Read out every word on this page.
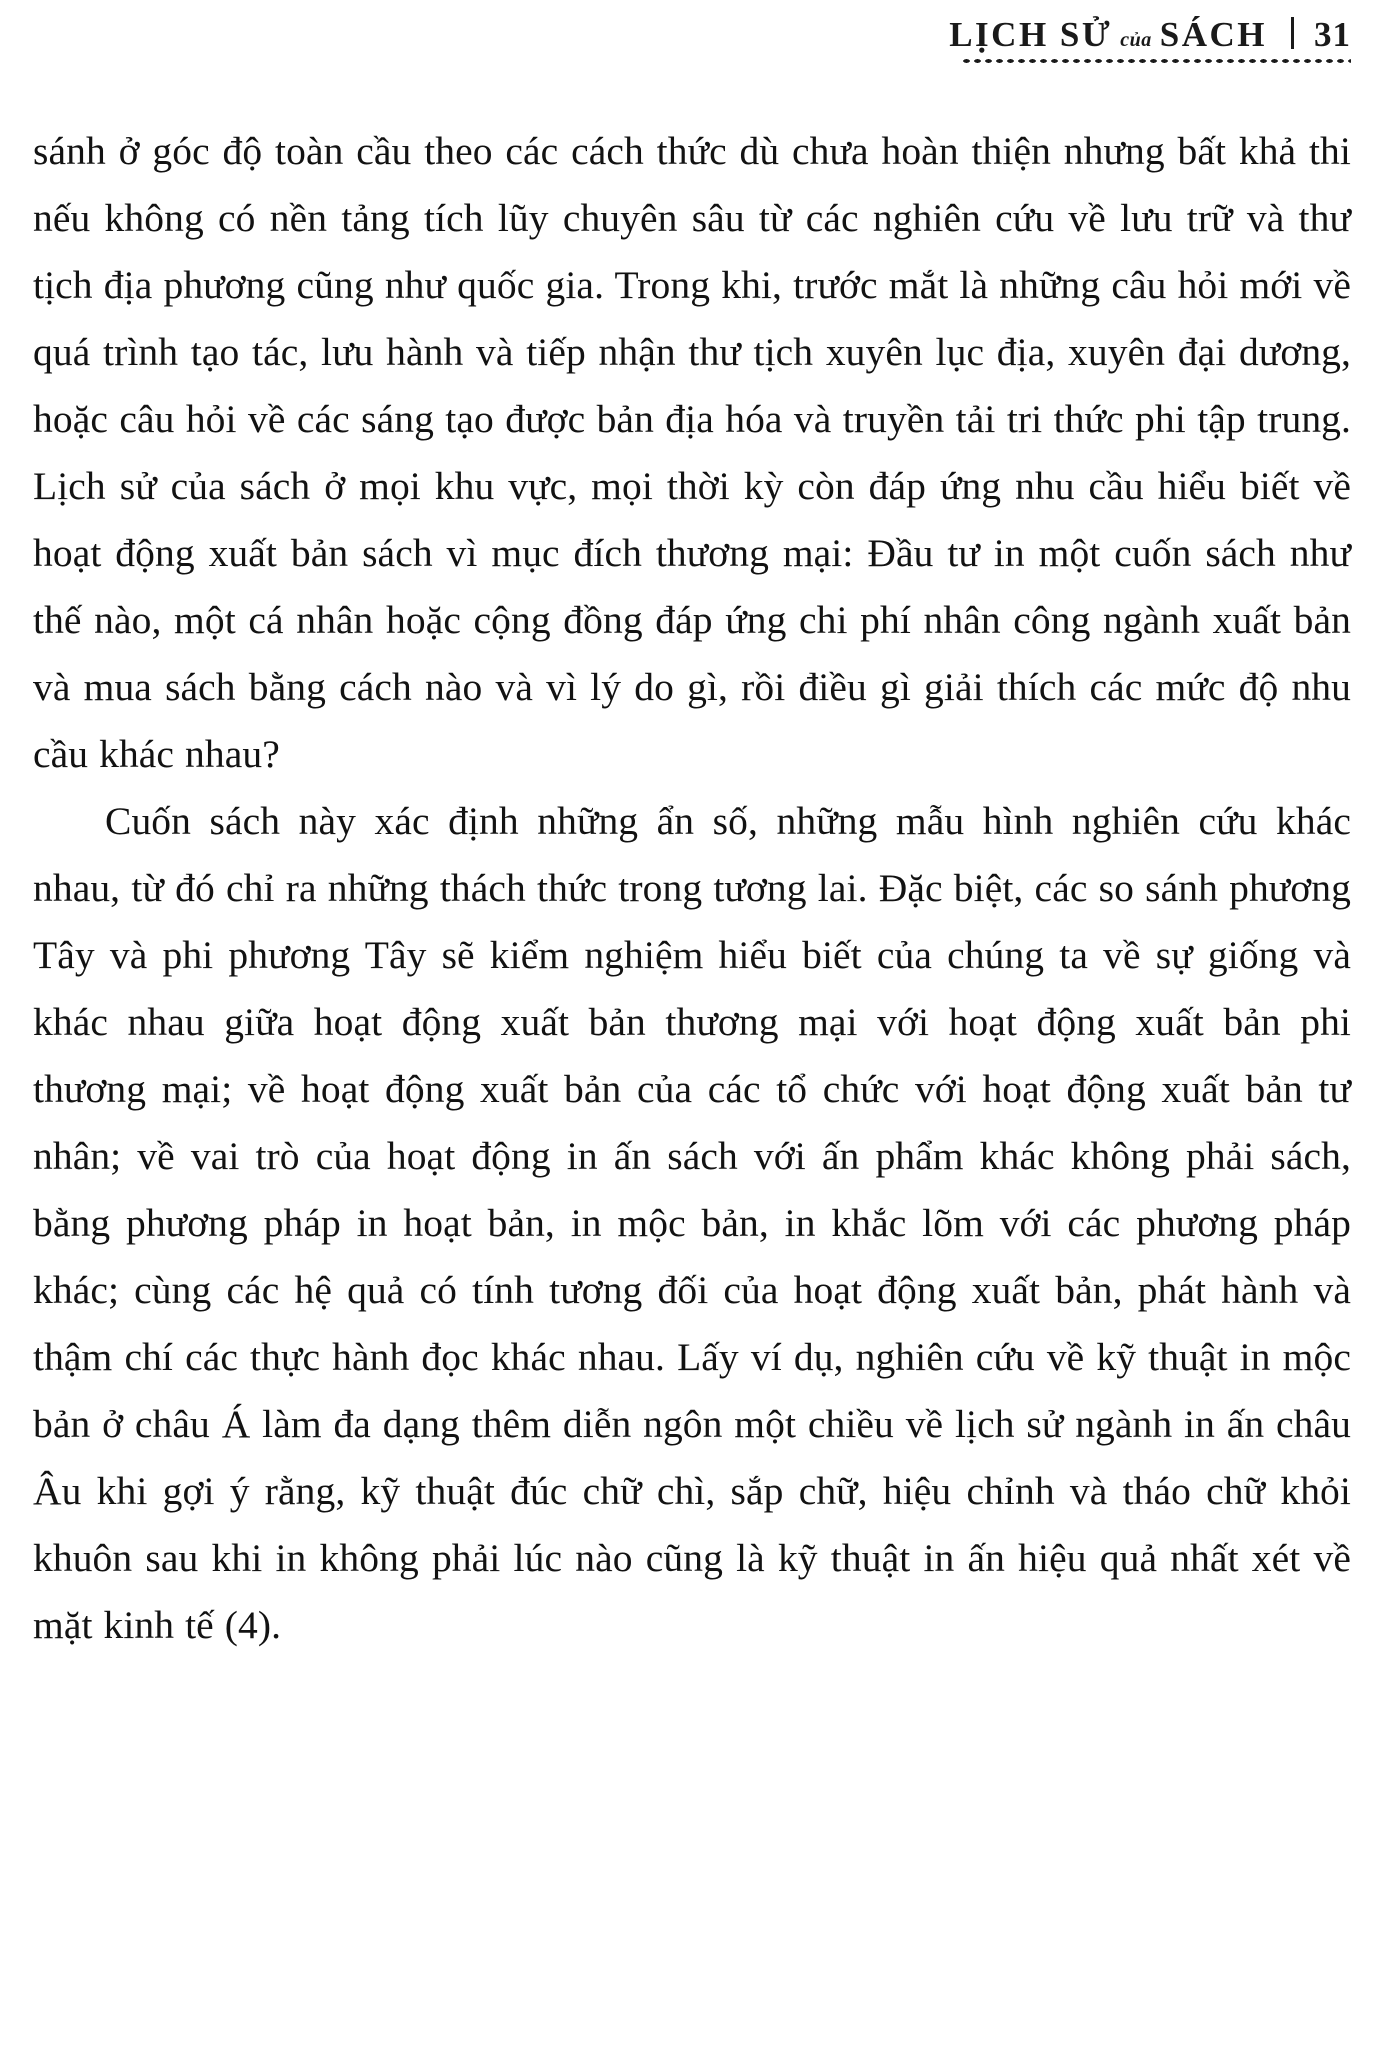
LỊCH SỬ của SÁCH 31

sánh ở góc độ toàn cầu theo các cách thức dù chưa hoàn thiện nhưng bất khả thi nếu không có nền tảng tích lũy chuyên sâu từ các nghiên cứu về lưu trữ và thư tịch địa phương cũng như quốc gia. Trong khi, trước mắt là những câu hỏi mới về quá trình tạo tác, lưu hành và tiếp nhận thư tịch xuyên lục địa, xuyên đại dương, hoặc câu hỏi về các sáng tạo được bản địa hóa và truyền tải tri thức phi tập trung. Lịch sử của sách ở mọi khu vực, mọi thời kỳ còn đáp ứng nhu cầu hiểu biết về hoạt động xuất bản sách vì mục đích thương mại: Đầu tư in một cuốn sách như thế nào, một cá nhân hoặc cộng đồng đáp ứng chi phí nhân công ngành xuất bản và mua sách bằng cách nào và vì lý do gì, rồi điều gì giải thích các mức độ nhu cầu khác nhau?

Cuốn sách này xác định những ẩn số, những mẫu hình nghiên cứu khác nhau, từ đó chỉ ra những thách thức trong tương lai. Đặc biệt, các so sánh phương Tây và phi phương Tây sẽ kiểm nghiệm hiểu biết của chúng ta về sự giống và khác nhau giữa hoạt động xuất bản thương mại với hoạt động xuất bản phi thương mại; về hoạt động xuất bản của các tổ chức với hoạt động xuất bản tư nhân; về vai trò của hoạt động in ấn sách với ấn phẩm khác không phải sách, bằng phương pháp in hoạt bản, in mộc bản, in khắc lõm với các phương pháp khác; cùng các hệ quả có tính tương đối của hoạt động xuất bản, phát hành và thậm chí các thực hành đọc khác nhau. Lấy ví dụ, nghiên cứu về kỹ thuật in mộc bản ở châu Á làm đa dạng thêm diễn ngôn một chiều về lịch sử ngành in ấn châu Âu khi gợi ý rằng, kỹ thuật đúc chữ chì, sắp chữ, hiệu chỉnh và tháo chữ khỏi khuôn sau khi in không phải lúc nào cũng là kỹ thuật in ấn hiệu quả nhất xét về mặt kinh tế (4).
